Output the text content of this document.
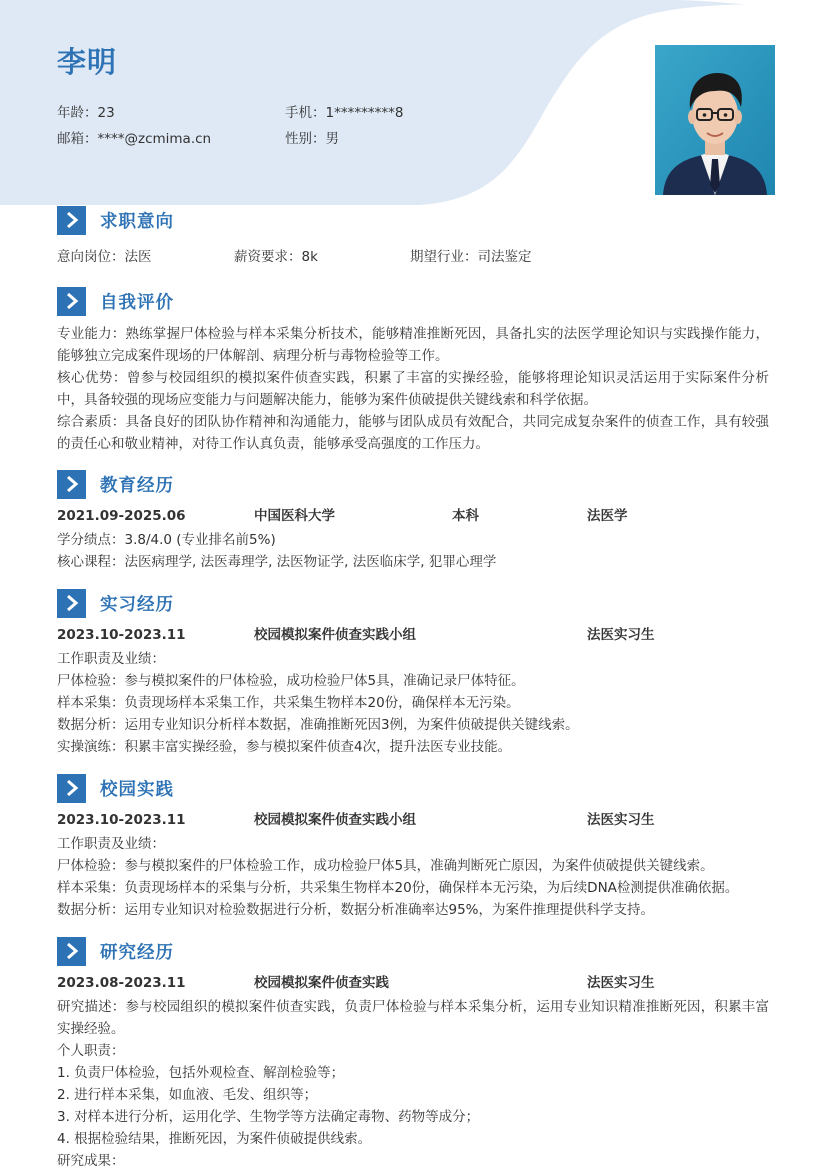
李明
年龄：23	手机：1*********8
邮箱：****@zcmima.cn	性别：男
求职意向
意向岗位：法医	薪资要求：8k	期望行业：司法鉴定
自我评价
专业能力：熟练掌握尸体检验与样本采集分析技术，能够精准推断死因，具备扎实的法医学理论知识与实践操作能力，能够独立完成案件现场的尸体解剖、病理分析与毒物检验等工作。
核心优势：曾参与校园组织的模拟案件侦查实践，积累了丰富的实操经验，能够将理论知识灵活运用于实际案件分析中，具备较强的现场应变能力与问题解决能力，能够为案件侦破提供关键线索和科学依据。
综合素质：具备良好的团队协作精神和沟通能力，能够与团队成员有效配合，共同完成复杂案件的侦查工作，具有较强的责任心和敬业精神，对待工作认真负责，能够承受高强度的工作压力。
教育经历
2021.09-2025.06	中国医科大学	本科	法医学
学分绩点：3.8/4.0 (专业排名前5%)
核心课程：法医病理学, 法医毒理学, 法医物证学, 法医临床学, 犯罪心理学
实习经历
2023.10-2023.11	校园模拟案件侦查实践小组	法医实习生
工作职责及业绩：
尸体检验：参与模拟案件的尸体检验，成功检验尸体5具，准确记录尸体特征。
样本采集：负责现场样本采集工作，共采集生物样本20份，确保样本无污染。
数据分析：运用专业知识分析样本数据，准确推断死因3例，为案件侦破提供关键线索。
实操演练：积累丰富实操经验，参与模拟案件侦查4次，提升法医专业技能。
校园实践
2023.10-2023.11	校园模拟案件侦查实践小组	法医实习生
工作职责及业绩：
尸体检验：参与模拟案件的尸体检验工作，成功检验尸体5具，准确判断死亡原因，为案件侦破提供关键线索。
样本采集：负责现场样本的采集与分析，共采集生物样本20份，确保样本无污染，为后续DNA检测提供准确依据。
数据分析：运用专业知识对检验数据进行分析，数据分析准确率达95%，为案件推理提供科学支持。
研究经历
2023.08-2023.11	校园模拟案件侦查实践	法医实习生
研究描述：参与校园组织的模拟案件侦查实践，负责尸体检验与样本采集分析，运用专业知识精准推断死因，积累丰富实操经验。
个人职责：
1. 负责尸体检验，包括外观检查、解剖检验等；
2. 进行样本采集，如血液、毛发、组织等；
3. 对样本进行分析，运用化学、生物学等方法确定毒物、药物等成分；
4. 根据检验结果，推断死因，为案件侦破提供线索。
研究成果：
